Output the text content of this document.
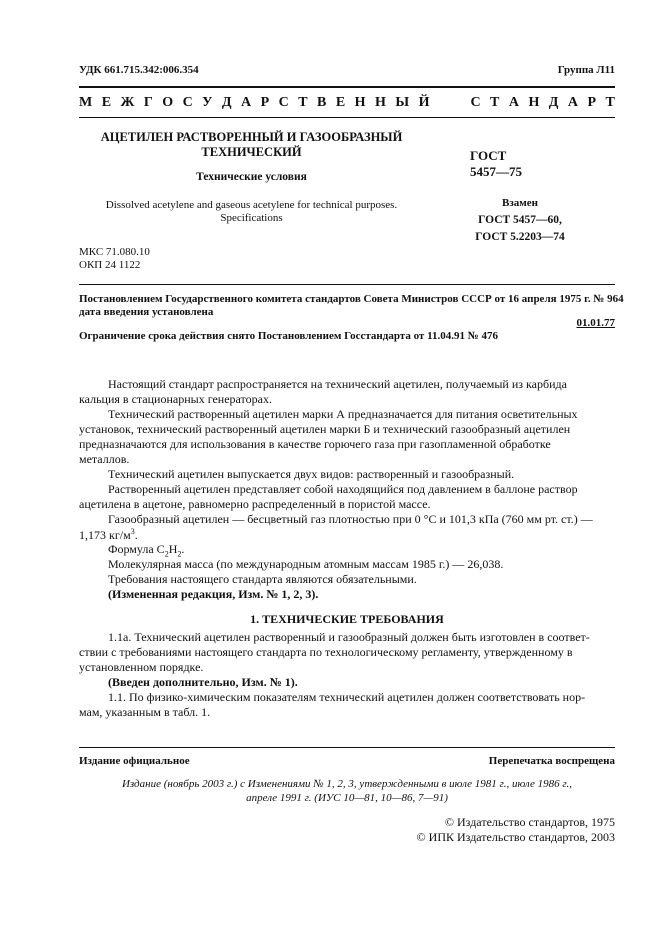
УДК 661.715.342:006.354	Группа Л11
М Е Ж Г О С У Д А Р С Т В Е Н Н Ы Й	С Т А Н Д А Р Т
АЦЕТИЛЕН РАСТВОРЕННЫЙ И ГАЗООБРАЗНЫЙ
ТЕХНИЧЕСКИЙ
Технические условия
Dissolved acetylene and gaseous acetylene for technical purposes.
Specifications
ГОСТ
5457—75
Взамен
ГОСТ 5457—60,
ГОСТ 5.2203—74
МКС 71.080.10
ОКП 24 1122
Постановлением Государственного комитета стандартов Совета Министров СССР от 16 апреля 1975 г. № 964
дата введения установлена
01.01.77
Ограничение срока действия снято Постановлением Госстандарта от 11.04.91 № 476
Настоящий стандарт распространяется на технический ацетилен, получаемый из карбида
кальция в стационарных генераторах.
Технический растворенный ацетилен марки А предназначается для питания осветительных
установок, технический растворенный ацетилен марки Б и технический газообразный ацетилен
предназначаются для использования в качестве горючего газа при газопламенной обработке
металлов.
Технический ацетилен выпускается двух видов: растворенный и газообразный.
Растворенный ацетилен представляет собой находящийся под давлением в баллоне раствор
ацетилена в ацетоне, равномерно распределенный в пористой массе.
Газообразный ацетилен — бесцветный газ плотностью при 0 °С и 101,3 кПа (760 мм рт. ст.) —
1,173 $кг/м^3$.
Формула $С_2Н_2$.
Молекулярная масса (по международным атомным массам 1985 г.) — 26,038.
Требования настоящего стандарта являются обязательными.
(Измененная редакция, Изм. № 1, 2, 3).
1. ТЕХНИЧЕСКИЕ ТРЕБОВАНИЯ
1.1а. Технический ацетилен растворенный и газообразный должен быть изготовлен в соответ-
ствии с требованиями настоящего стандарта по технологическому регламенту, утвержденному в
установленном порядке.
(Введен дополнительно, Изм. № 1).
1.1. По физико-химическим показателям технический ацетилен должен соответствовать нор-
мам, указанным в табл. 1.
Издание официальное	Перепечатка воспрещена
Издание (ноябрь 2003 г.) с Изменениями № 1, 2, 3, утвержденными в июле 1981 г., июле 1986 г.,
апреле 1991 г. (ИУС 10—81, 10—86, 7—91)
© Издательство стандартов, 1975
© ИПК Издательство стандартов, 2003
